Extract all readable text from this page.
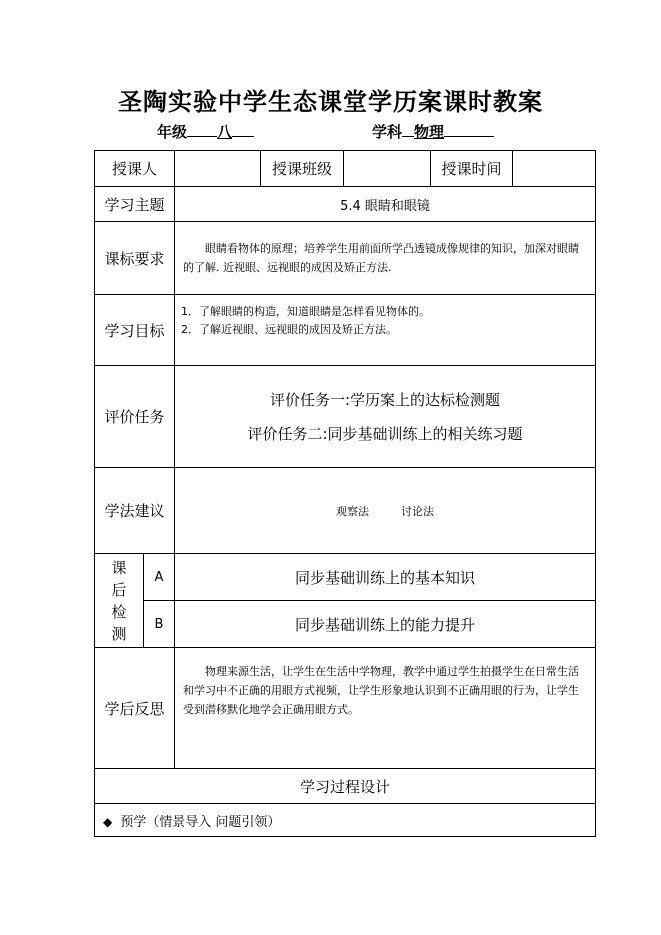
圣陶实验中学生态课堂学历案课时教案
年级 八	学科 物理
授课人			授课班级		授课时间	
学习主题		5.4 眼睛和眼镜				
课标要求		眼睛看物体的原理；培养学生用前面所学凸透镜成像规律的知识，加深对眼睛的了解. 近视眼、远视眼的成因及矫正方法.				
学习目标		1．了解眼睛的构造，知道眼睛是怎样看见物体的。
2．了解近视眼、远视眼的成因及矫正方法。				

评价任务		评价任务一:学历案上的达标检测题
评价任务二:同步基础训练上的相关练习题				

学法建议		观察法 讨论法				

课
后
检
测	A	同步基础训练上的基本知识				
	B	同步基础训练上的能力提升				
学后反思		物理来源生活，让学生在生活中学物理，教学中通过学生拍摄学生在日常生活和学习中不正确的用眼方式视频，让学生形象地认识到不正确用眼的行为，让学生受到潜移默化地学会正确用眼方式。				
学习过程设计						
◆ 预学（情景导入 问题引领）						
